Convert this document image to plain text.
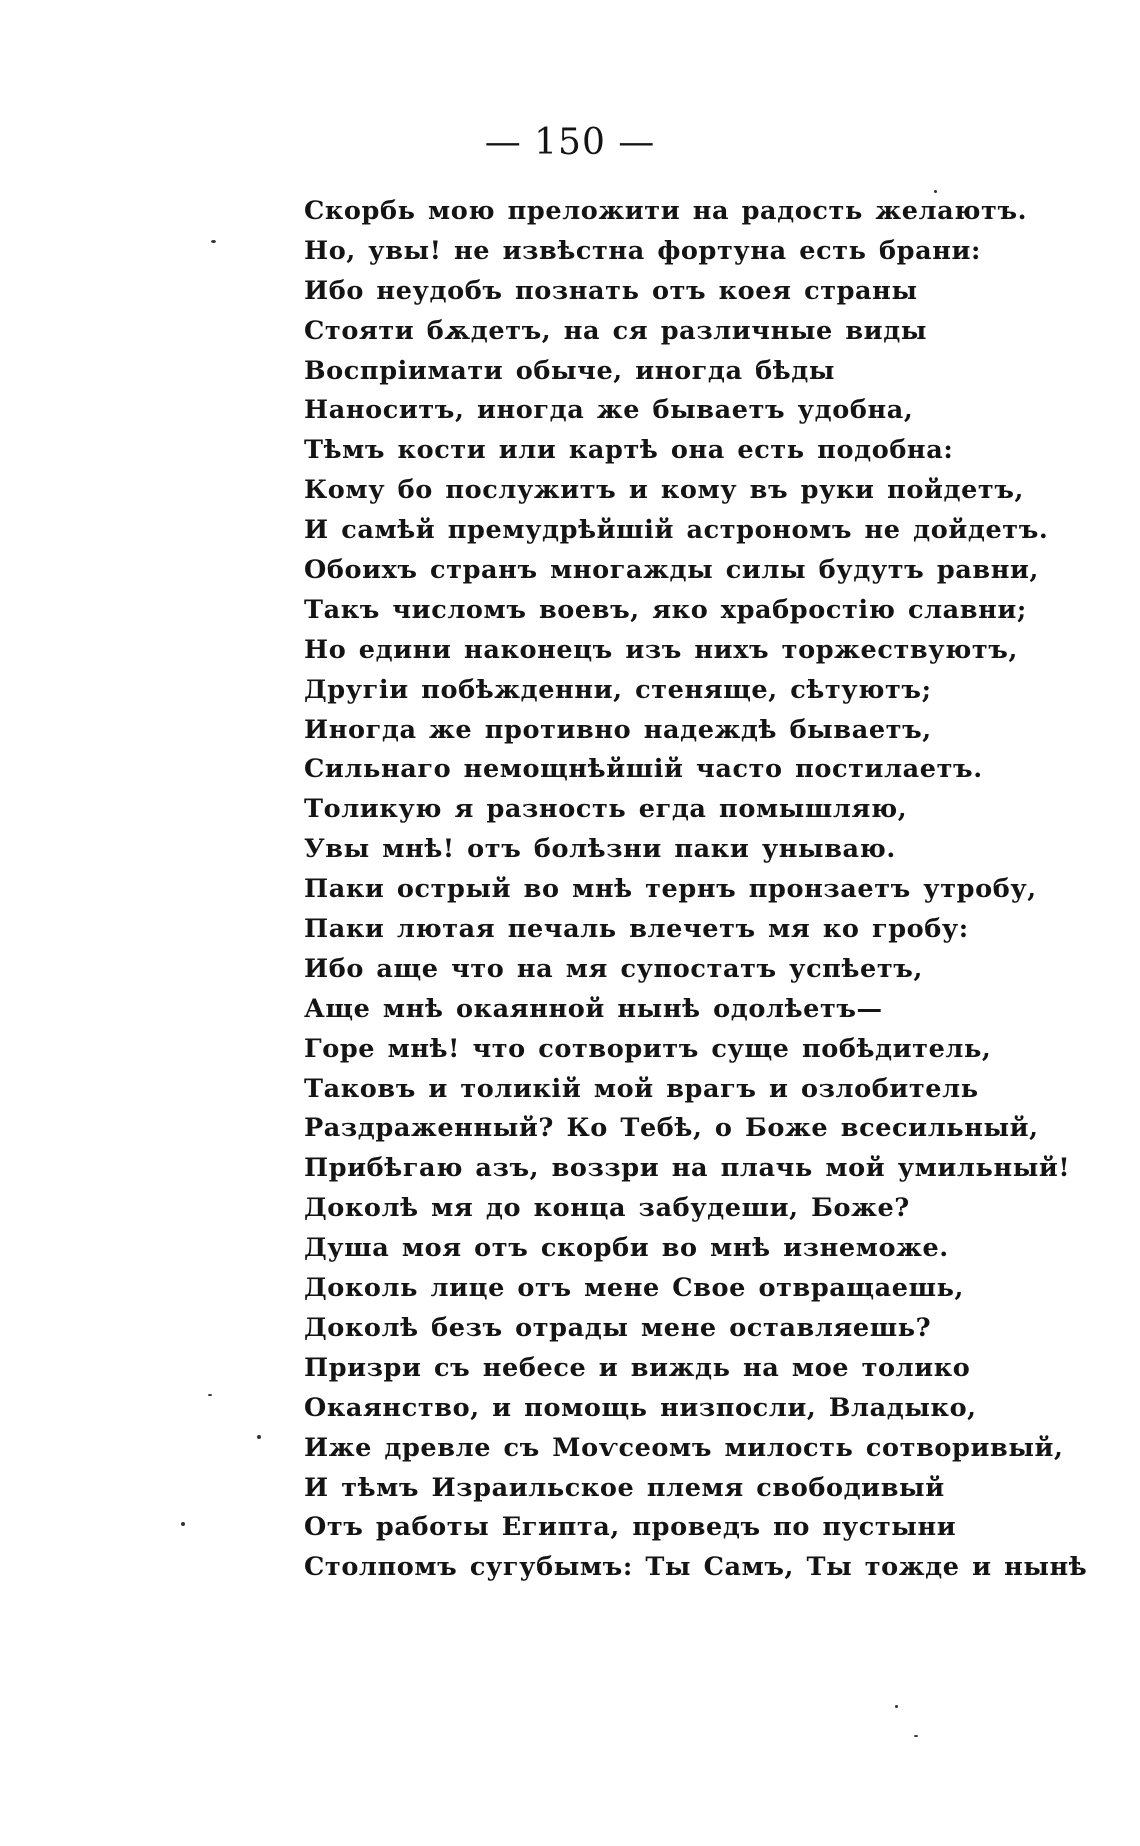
— 150 —
Скорбь мою преложити на радость желаютъ.
Но, увы! не извѣстна фортуна есть брани:
Ибо неудобъ познать отъ коея страны
Стояти бѫдетъ, на ся различные виды
Воспріимати обыче, иногда бѣды
Наноситъ, иногда же бываетъ удобна,
Тѣмъ кости или картѣ она есть подобна:
Кому бо послужитъ и кому въ руки пойдетъ,
И самѣй премудрѣйшій астрономъ не дойдетъ.
Обоихъ странъ многажды силы будутъ равни,
Такъ числомъ воевъ, яко храбростію славни;
Но едини наконецъ изъ нихъ торжествуютъ,
Другіи побѣжденни, стенящe, сѣтуютъ;
Иногда же противно надеждѣ бываетъ,
Сильнаго немощнѣйшій часто постилаетъ.
Толикую я разность егда помышляю,
Увы мнѣ! отъ болѣзни паки унываю.
Паки острый во мнѣ тернъ пронзаетъ утробу,
Паки лютая печаль влечетъ мя ко гробу:
Ибо аще что на мя супостатъ успѣетъ,
Аще мнѣ окаянной нынѣ одолѣетъ—
Горе мнѣ! что сотворитъ суще побѣдитель,
Таковъ и толикій мой врагъ и озлобитель
Раздраженный? Ко Тебѣ, о Боже всесильный,
Прибѣгаю азъ, воззри на плачь мой умильный!
Доколѣ мя до конца забудеши, Боже?
Душа моя отъ скорби во мнѣ изнеможе.
Доколь лице отъ мене Свое отвращаешь,
Доколѣ безъ отрады мене оставляешь?
Призри съ небесе и виждь на мое толико
Окаянство, и помощь низпосли, Владыко,
Иже древле съ Моѵсеомъ милость сотворивый,
И тѣмъ Израильское племя свободивый
Отъ работы Египта, проведъ по пустыни
Столпомъ сугубымъ: Ты Самъ, Ты тожде и нынѣ
